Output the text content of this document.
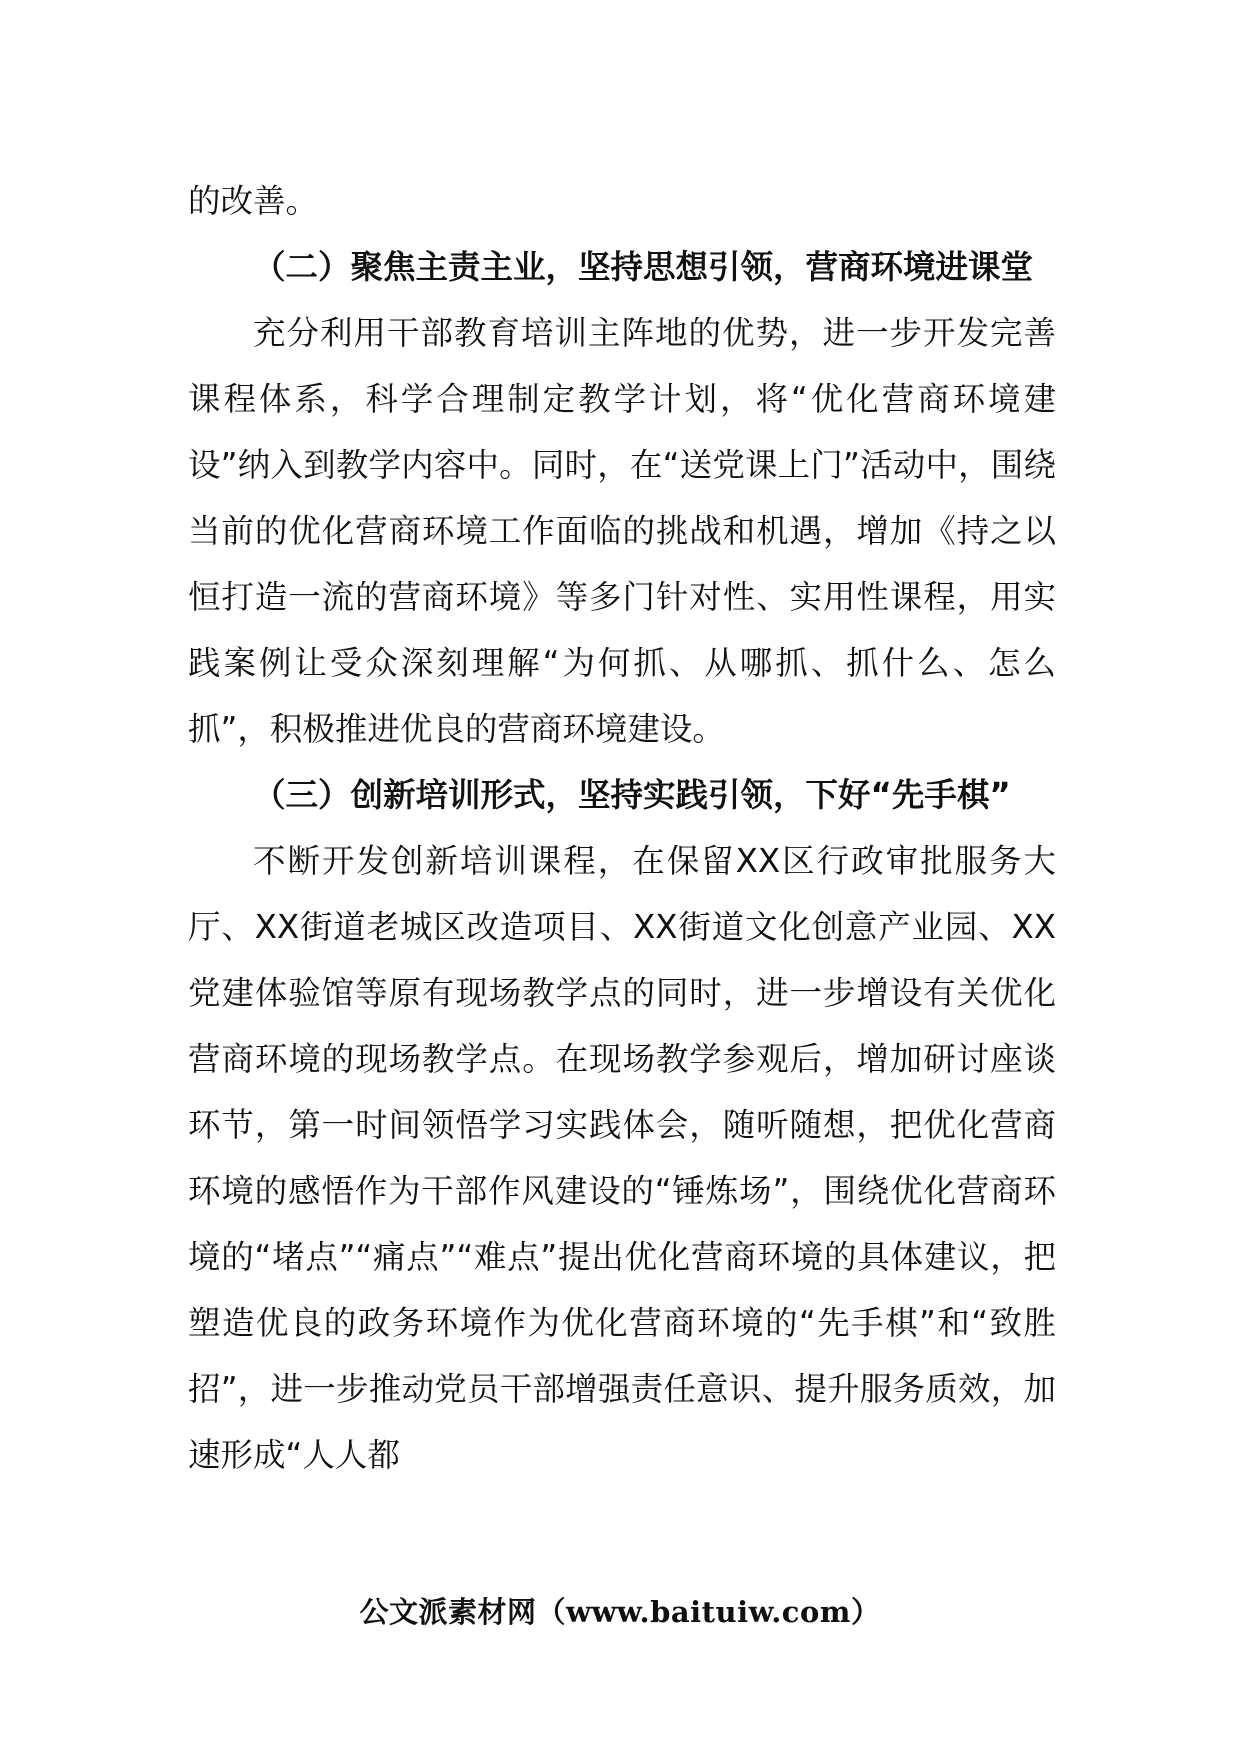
的改善。

（二）聚焦主责主业，坚持思想引领，营商环境进课堂

充分利用干部教育培训主阵地的优势，进一步开发完善课程体系，科学合理制定教学计划，将“优化营商环境建设”纳入到教学内容中。同时，在“送党课上门”活动中，围绕当前的优化营商环境工作面临的挑战和机遇，增加《持之以恒打造一流的营商环境》等多门针对性、实用性课程，用实践案例让受众深刻理解“为何抓、从哪抓、抓什么、怎么抓”，积极推进优良的营商环境建设。

（三）创新培训形式，坚持实践引领，下好“先手棋”

不断开发创新培训课程，在保留XX区行政审批服务大厅、XX街道老城区改造项目、XX街道文化创意产业园、XX党建体验馆等原有现场教学点的同时，进一步增设有关优化营商环境的现场教学点。在现场教学参观后，增加研讨座谈环节，第一时间领悟学习实践体会，随听随想，把优化营商环境的感悟作为干部作风建设的“锤炼场”，围绕优化营商环境的“堵点”“痛点”“难点”提出优化营商环境的具体建议，把塑造优良的政务环境作为优化营商环境的“先手棋”和“致胜招”，进一步推动党员干部增强责任意识、提升服务质效，加速形成“人人都

公文派素材网（www.baituiw.com）
